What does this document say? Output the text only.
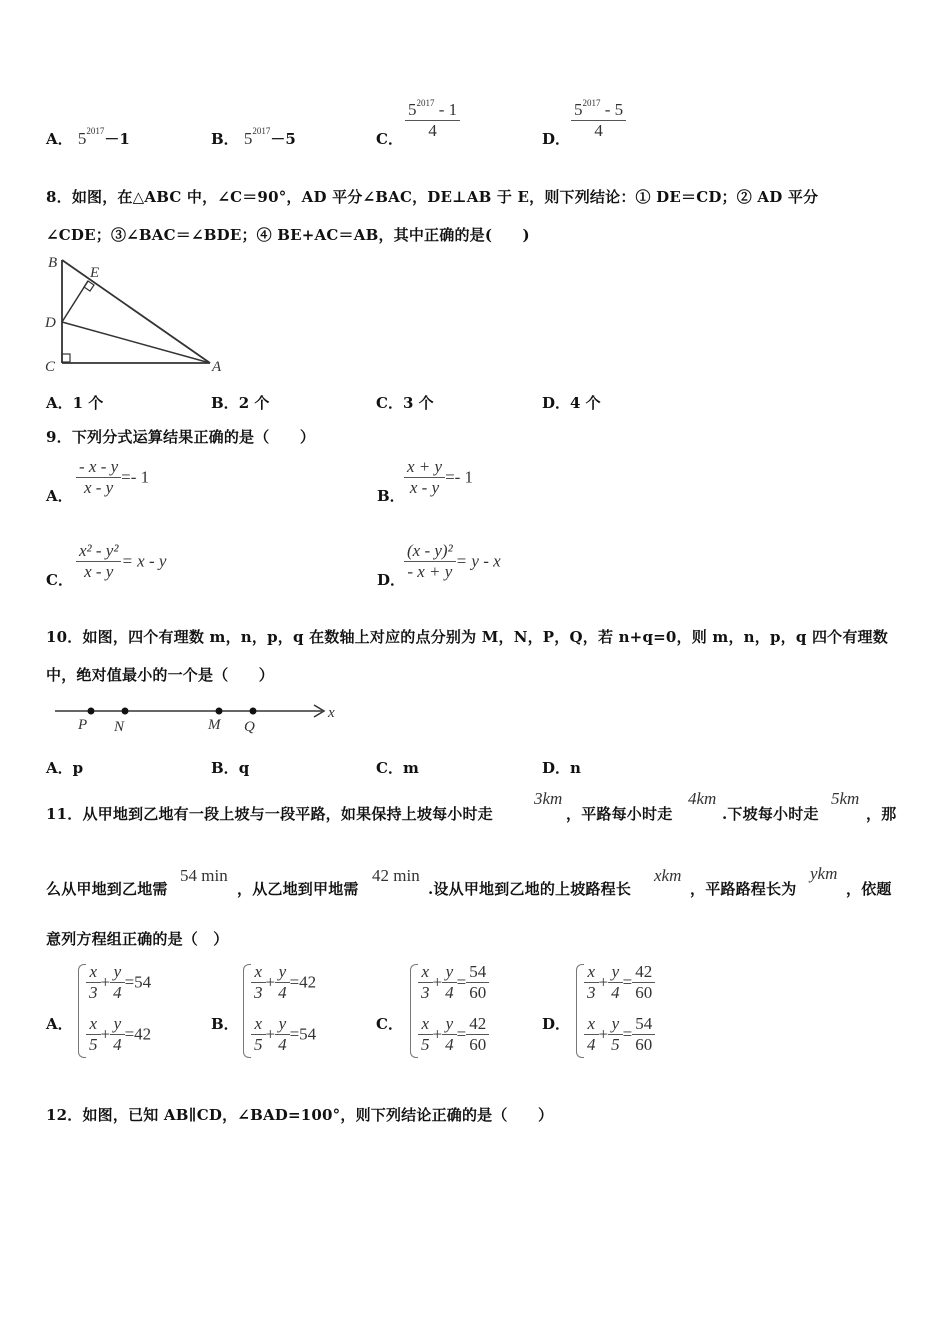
A． $5^{2017}-1$	B． $5^{2017}-5$	C． $\frac{5^{2017} - 1}{4}$	D． $\frac{5^{2017} - 5}{4}$
8．如图，在△ABC 中，∠C＝90°，AD 平分∠BAC，DE⊥AB 于 E，则下列结论：① DE＝CD；② AD 平分
∠CDE；③∠BAC＝∠BDE；④ BE+AC＝AB，其中正确的是(　　)
B
E
D
C	A
A．1 个	B．2 个	C．3 个	D．4 个
9．下列分式运算结果正确的是（　　）
A． $\frac{- x - y}{x - y} =- 1$
B． $\frac{x + y}{x - y} =- 1$
C． $\frac{\text{x² - y²}}{x - y} = x - y$
D．
$\frac{\text{(x - y)²}}{- x + y} = y - x$
10．如图，四个有理数 m，n，p，q 在数轴上对应的点分别为 M，N，P，Q，若 n+q=0，则 m，n，p，q 四个有理数
中，绝对值最小的一个是（　　）
P N	M Q
x
A．p	B．q	C．m	D．n
11．从甲地到乙地有一段上坡与一段平路，如果保持上坡每小时走
3km
，平路每小时走
4km
.下坡每小时走
5km
，那
么从甲地到乙地需
54 min
，从乙地到甲地需
42 min
.设从甲地到乙地的上坡路程长
xkm
，平路路程长为
ykm
，依题
意列方程组正确的是（　）
A．
$\frac{x}{3} + \frac{y}{4} =54$
$\frac{x}{5} + \frac{y}{4} =42$
B．
$\frac{x}{3} + \frac{y}{4} =42$
$\frac{x}{5} + \frac{y}{4} =54$
C．
$\frac{x}{3} + \frac{y}{4} = \frac{54}{60}$
$\frac{x}{5} + \frac{y}{4} = \frac{42}{60}$	D．
$\frac{x}{3} + \frac{y}{4} = \frac{42}{60}$
$\frac{x}{4} + \frac{y}{5} = \frac{54}{60}$
12．如图，已知 AB∥CD，∠BAD=100°，则下列结论正确的是（　　）
